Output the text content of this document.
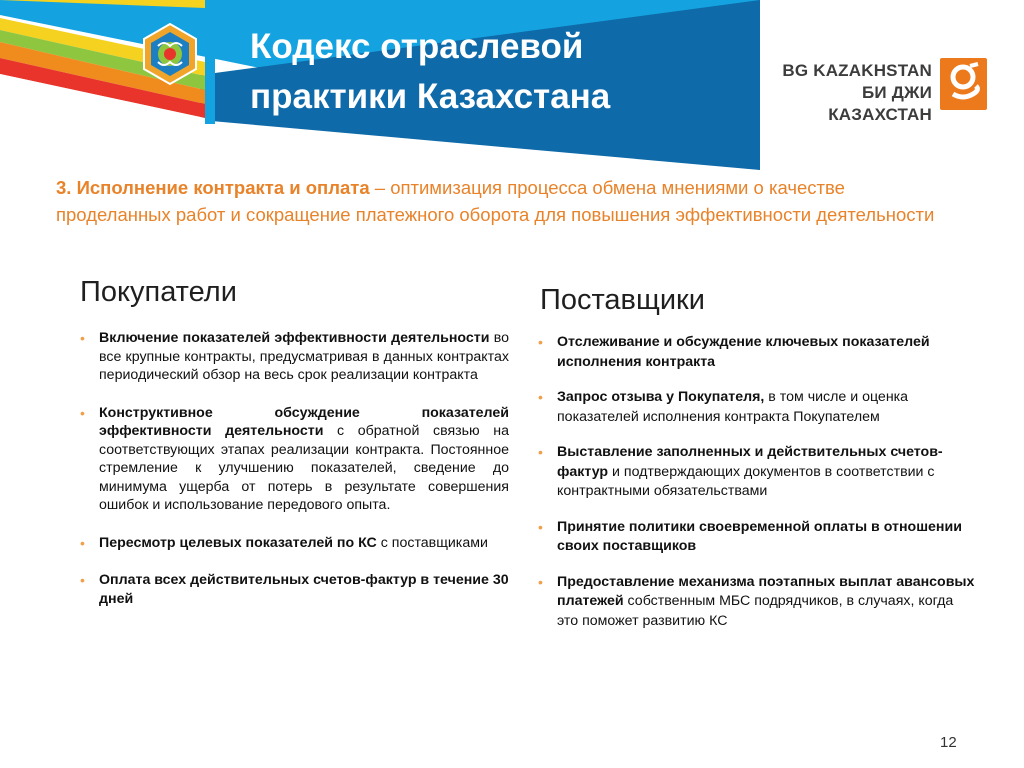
Кодекс отраслевой
практики Казахстана
BG KAZAKHSTAN
БИ ДЖИ КАЗАХСТАН
3. Исполнение контракта и оплата – оптимизация процесса обмена мнениями о качестве проделанных работ и сокращение платежного оборота для повышения эффективности деятельности
Покупатели	Поставщики
• Включение показателей эффективности деятельности во все крупные контракты, предусматривая в данных контрактах периодический обзор на весь срок реализации контракта
• Конструктивное обсуждение показателей эффективности деятельности с обратной связью на соответствующих этапах реализации контракта. Постоянное стремление к улучшению показателей, сведение до минимума ущерба от потерь в результате совершения ошибок и использование передового опыта.
• Пересмотр целевых показателей по КС с поставщиками
• Оплата всех действительных счетов-фактур в течение 30 дней
• Отслеживание и обсуждение ключевых показателей исполнения контракта
• Запрос отзыва у Покупателя, в том числе и оценка показателей исполнения контракта Покупателем
• Выставление заполненных и действительных счетов-фактур и подтверждающих документов в соответствии с контрактными обязательствами
• Принятие политики своевременной оплаты в отношении своих поставщиков
• Предоставление механизма поэтапных выплат авансовых платежей собственным МБС подрядчиков, в случаях, когда это поможет развитию КС
12
